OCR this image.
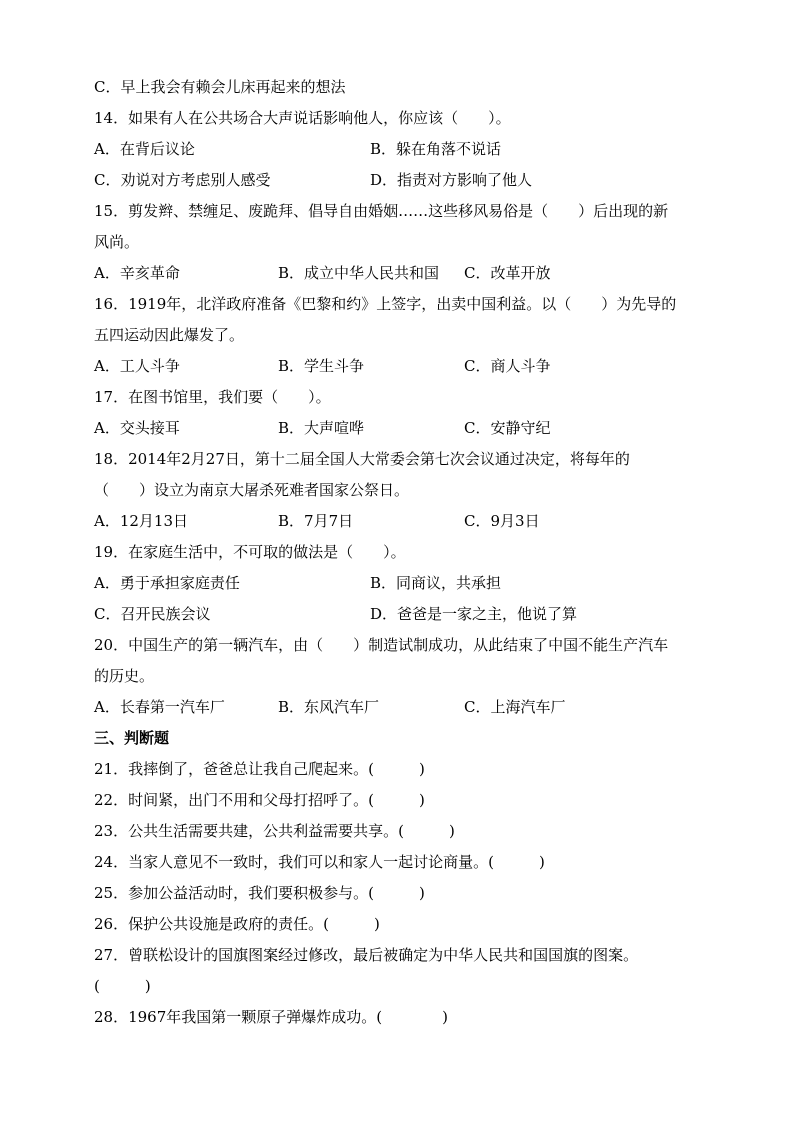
C．早上我会有赖会儿床再起来的想法
14．如果有人在公共场合大声说话影响他人，你应该（　　）。
A．在背后议论	B．躲在角落不说话
C．劝说对方考虑别人感受	D．指责对方影响了他人
15．剪发辫、禁缠足、废跪拜、倡导自由婚姻……这些移风易俗是（　　）后出现的新
风尚。
A．辛亥革命	B．成立中华人民共和国 C．改革开放
16．1919年，北洋政府准备《巴黎和约》上签字，出卖中国利益。以（　　）为先导的
五四运动因此爆发了。
A．工人斗争	B．学生斗争	C．商人斗争
17．在图书馆里，我们要（　　）。
A．交头接耳	B．大声喧哗	C．安静守纪
18．2014年2月27日，第十二届全国人大常委会第七次会议通过决定，将每年的
（　　）设立为南京大屠杀死难者国家公祭日。
A．12月13日	B．7月7日	C．9月3日
19．在家庭生活中，不可取的做法是（　　）。
A．勇于承担家庭责任	B．同商议，共承担
C．召开民族会议	D．爸爸是一家之主，他说了算
20．中国生产的第一辆汽车，由（　　）制造试制成功，从此结束了中国不能生产汽车
的历史。
A．长春第一汽车厂	B．东风汽车厂	C．上海汽车厂
三、判断题
21．我摔倒了，爸爸总让我自己爬起来。(　　　)
22．时间紧，出门不用和父母打招呼了。(　　　)
23．公共生活需要共建，公共利益需要共享。(　　　)
24．当家人意见不一致时，我们可以和家人一起讨论商量。(　　　)
25．参加公益活动时，我们要积极参与。(　　　)
26．保护公共设施是政府的责任。(　　　)
27．曾联松设计的国旗图案经过修改，最后被确定为中华人民共和国国旗的图案。
(　　　)
28．1967年我国第一颗原子弹爆炸成功。(　　　　)
